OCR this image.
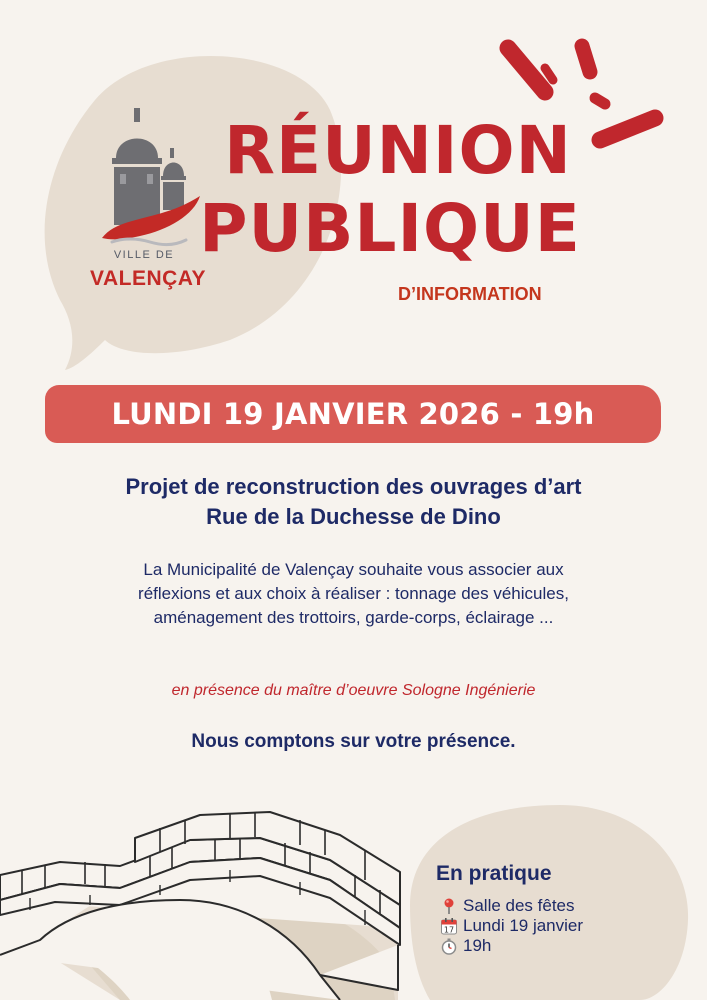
VILLE DE
VALENÇAY
RÉUNION
PUBLIQUE
D’INFORMATION
LUNDI 19 JANVIER 2026 - 19h
Projet de reconstruction des ouvrages d’art
Rue de la Duchesse de Dino
La Municipalité de Valençay souhaite vous associer aux
réflexions et aux choix à réaliser : tonnage des véhicules,
aménagement des trottoirs, garde-corps, éclairage ...
en présence du maître d’oeuvre Sologne Ingénierie
Nous comptons sur votre présence.
En pratique
Salle des fêtes
17 Lundi 19 janvier
19h
